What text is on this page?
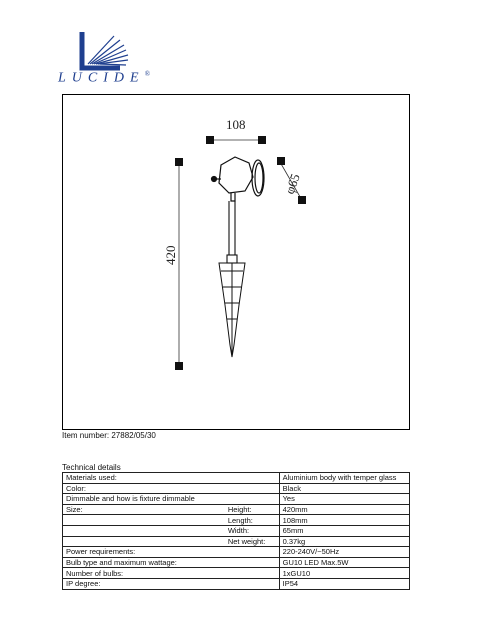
LUCIDE®
108
420
φ65
Item number: 27882/05/30
Technical details
Materials used:		Aluminium body with temper glass
Color:		Black
Dimmable and how is fixture dimmable		Yes
Size:	Height:	420mm
	Length:	108mm
	Width:	65mm
	Net weight:	0.37kg
Power requirements:		220-240V/~50Hz
Bulb type and maximum wattage:		GU10 LED Max.5W
Number of bulbs:		1xGU10
IP degree:		IP54
